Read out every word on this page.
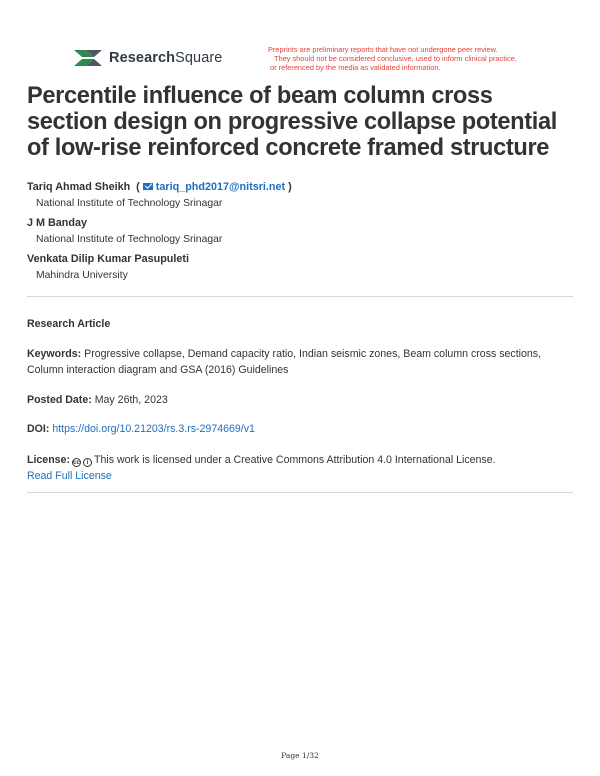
ResearchSquare
Preprints are preliminary reports that have not undergone peer review.
They should not be considered conclusive, used to inform clinical practice,
or referenced by the media as validated information.
Percentile influence of beam column cross section design on progressive collapse potential of low-rise reinforced concrete framed structure
Tariq Ahmad Sheikh  ( tariq_phd2017@nitsri.net )
National Institute of Technology Srinagar
J M Banday
National Institute of Technology Srinagar
Venkata Dilip Kumar Pasupuleti
Mahindra University
Research Article
Keywords: Progressive collapse, Demand capacity ratio, Indian seismic zones, Beam column cross sections, Column interaction diagram and GSA (2016) Guidelines
Posted Date: May 26th, 2023
DOI: https://doi.org/10.21203/rs.3.rs-2974669/v1
License: cc	i This work is licensed under a Creative Commons Attribution 4.0 International License.
Read Full License
Page 1/32
